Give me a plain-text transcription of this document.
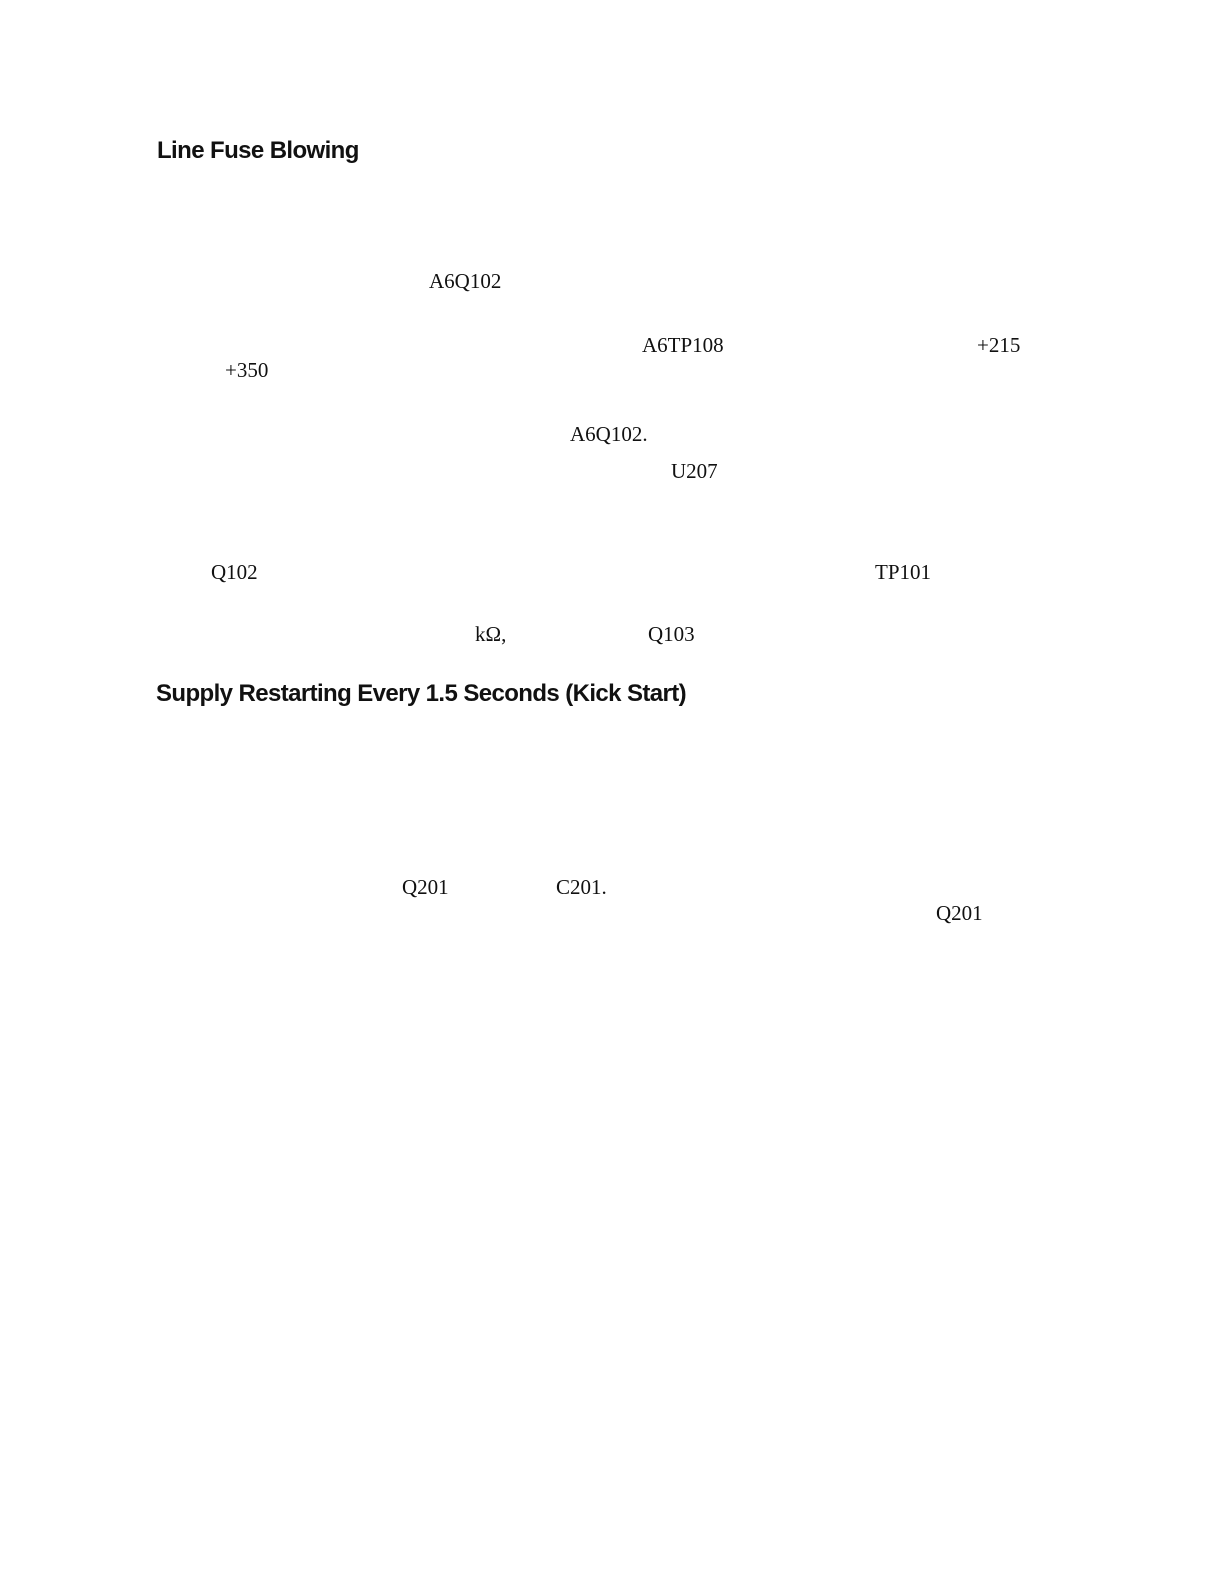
Line Fuse Blowing
A6Q102
A6TP108	+215
+350
A6Q102.
U207
Q102	TP101
kΩ,	Q103
Supply Restarting Every 1.5 Seconds (Kick Start)
Q201	C201.
Q201
